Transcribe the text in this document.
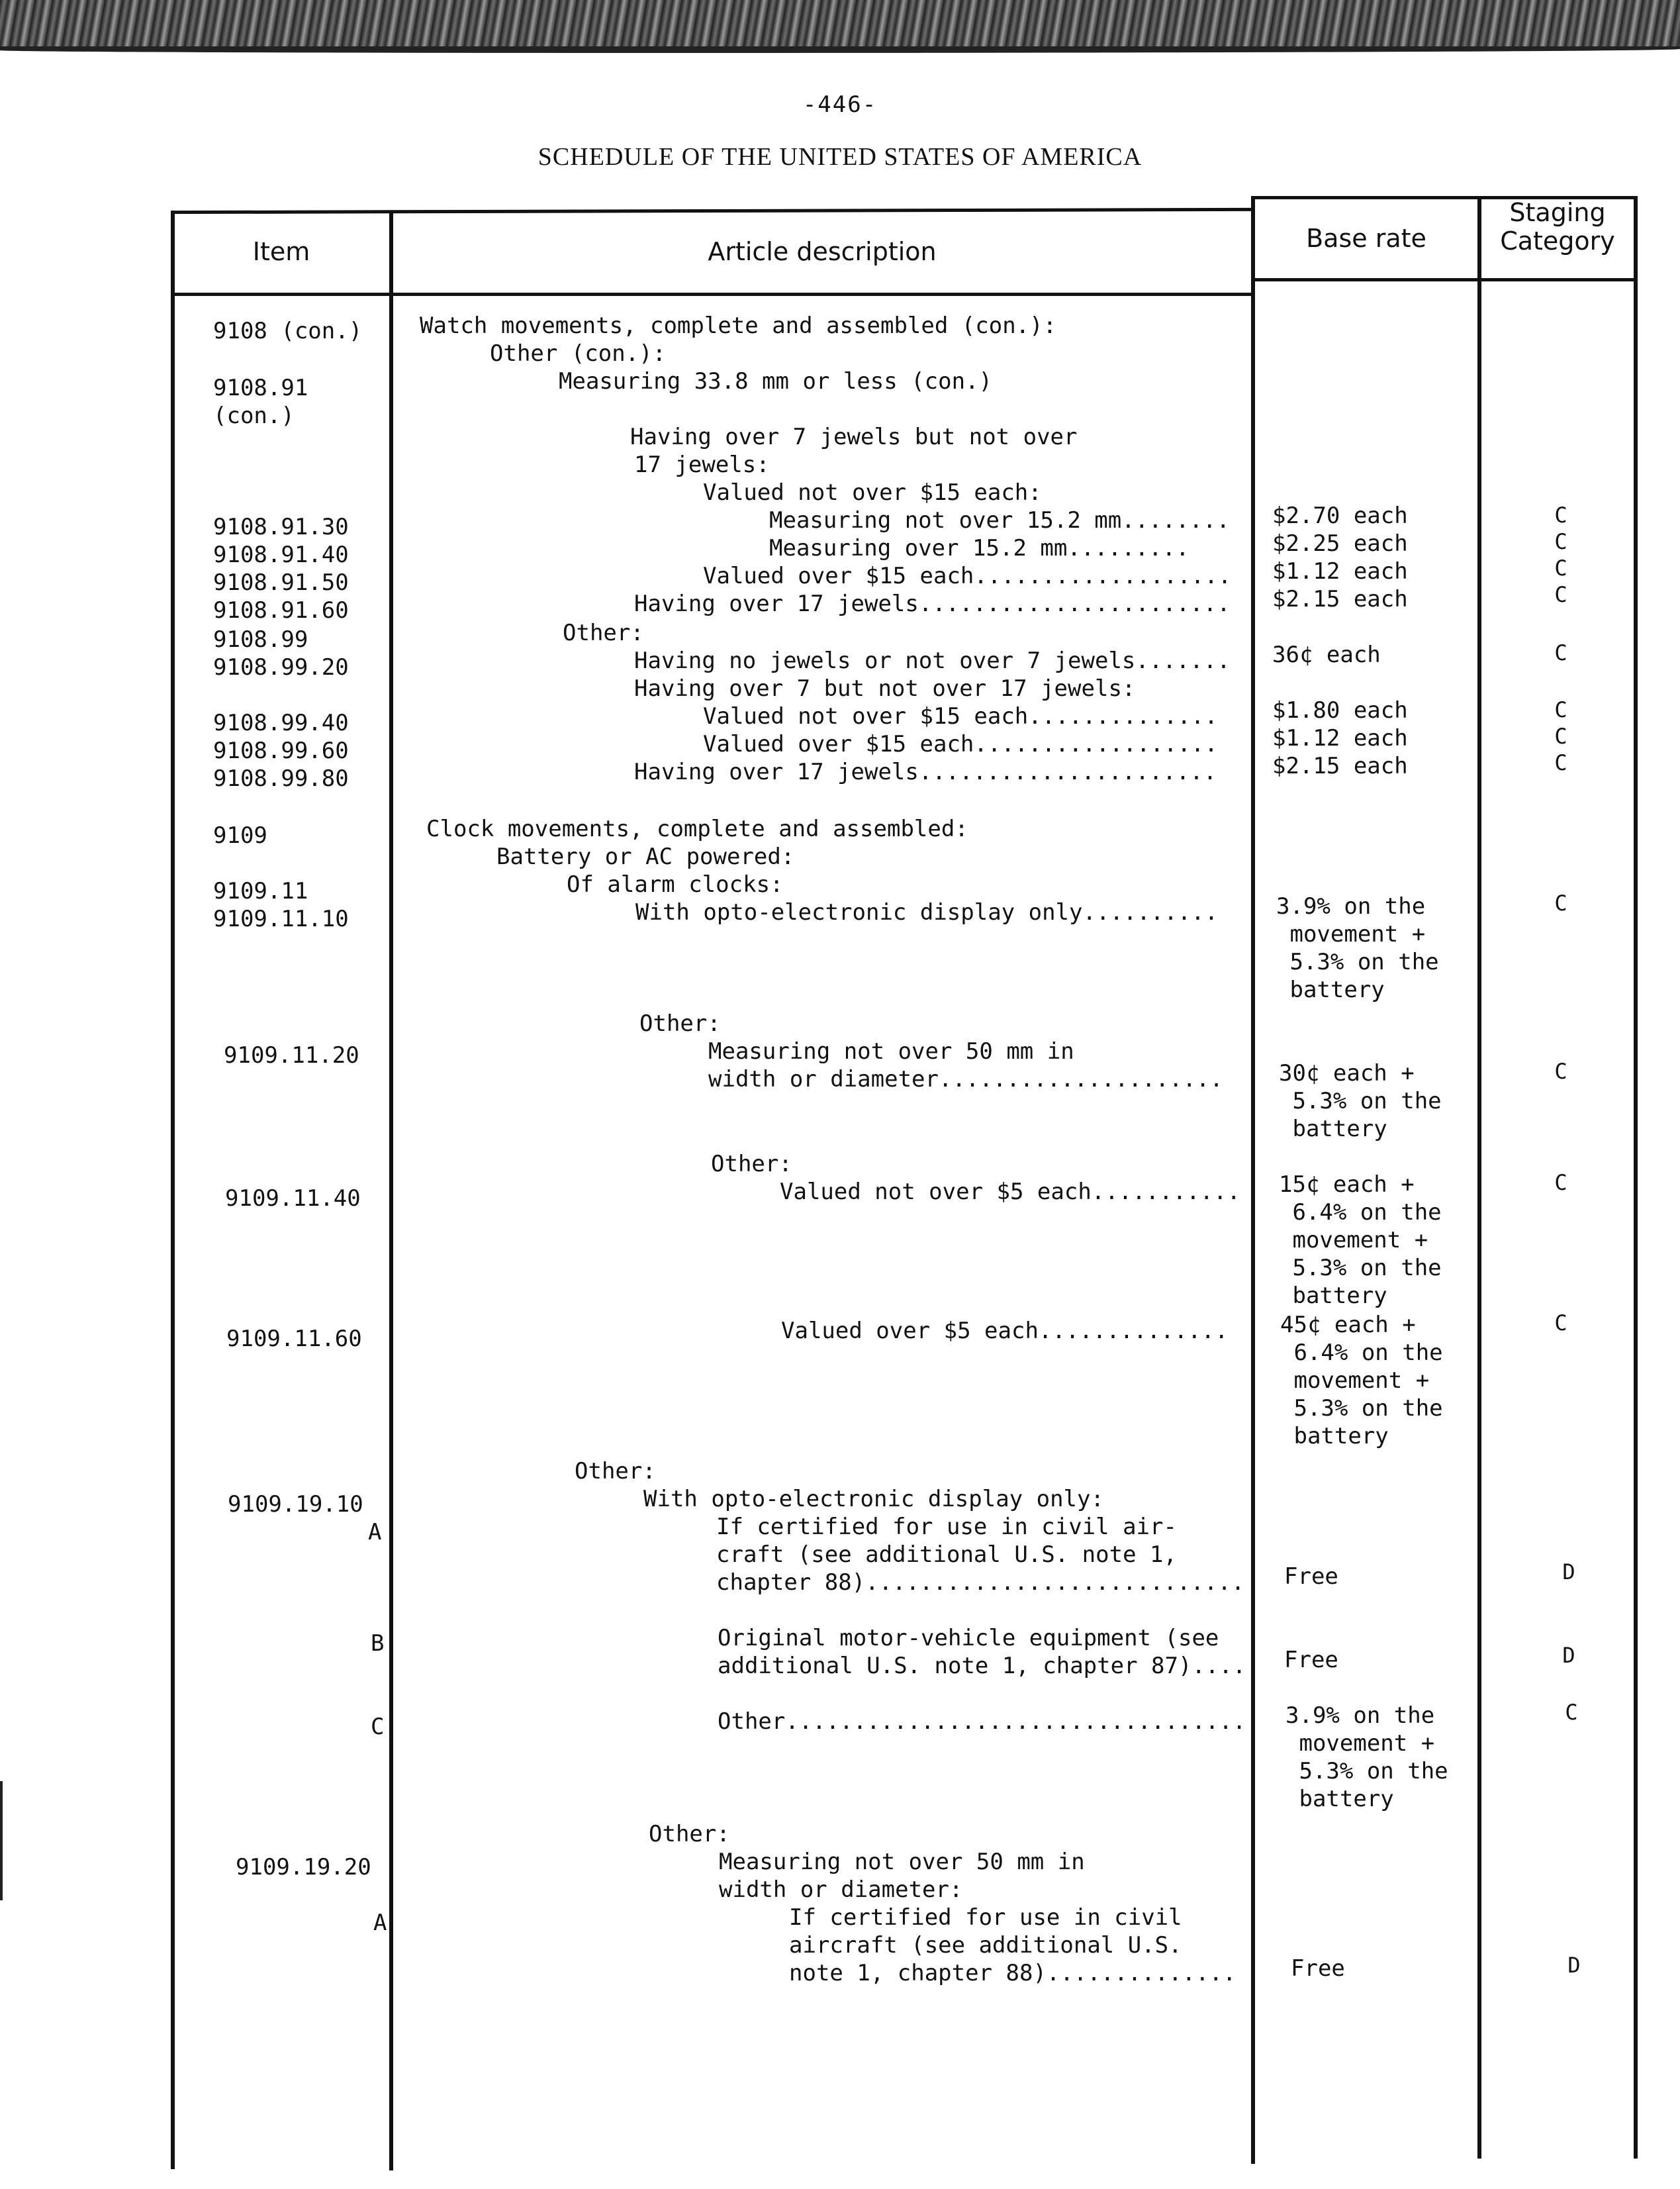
-446-
SCHEDULE OF THE UNITED STATES OF AMERICA
Item	Article description	Base rate
Staging
Category
9108 (con.)
9108.91
(con.)
9108.91.30
9108.91.40
9108.91.50
9108.91.60
9108.99
9108.99.20
9108.99.40
9108.99.60
9108.99.80
9109
9109.11
9109.11.10
9109.11.20
9109.11.40
9109.11.60
9109.19.10
A
B
C
9109.19.20
A
Watch movements, complete and assembled (con.):
Other (con.):
Measuring 33.8 mm or less (con.)
Having over 7 jewels but not over
17 jewels:
Valued not over $15 each:
Measuring not over 15.2 mm........
Measuring over 15.2 mm.........
Valued over $15 each...................
Having over 17 jewels.......................
Other:
Having no jewels or not over 7 jewels.......
Having over 7 but not over 17 jewels:
Valued not over $15 each..............
Valued over $15 each..................
Having over 17 jewels......................
Clock movements, complete and assembled:
Battery or AC powered:
Of alarm clocks:
With opto-electronic display only..........
Other:
Measuring not over 50 mm in
width or diameter.....................
Other:
Valued not over $5 each...........
Valued over $5 each..............
Other:
With opto-electronic display only:
If certified for use in civil air-
craft (see additional U.S. note 1,
chapter 88)............................
Original motor-vehicle equipment (see
additional U.S. note 1, chapter 87)....
Other..................................
Other:
Measuring not over 50 mm in
width or diameter:
If certified for use in civil
aircraft (see additional U.S.
note 1, chapter 88)..............
$2.70 each
$2.25 each
$1.12 each
$2.15 each
36¢ each
$1.80 each
$1.12 each
$2.15 each
3.9% on the
movement +
5.3% on the
battery
30¢ each +
5.3% on the
battery
15¢ each +
6.4% on the
movement +
5.3% on the
battery
45¢ each +
6.4% on the
movement +
5.3% on the
battery
Free
Free
3.9% on the
movement +
5.3% on the
battery
Free
C
C
C
C
C
C
C
C
C
C
C
C
D
D
C
D
